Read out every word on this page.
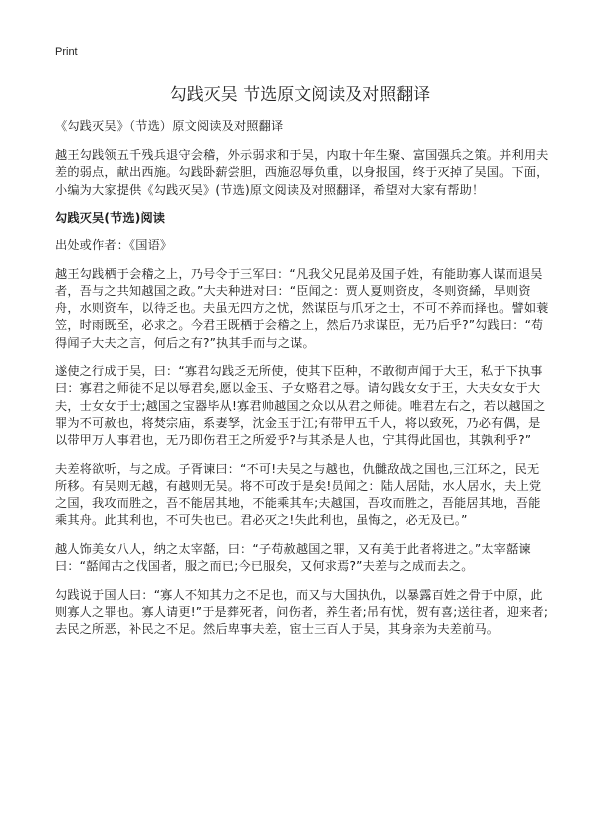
Print
勾践灭吴 节选原文阅读及对照翻译

《勾践灭吴》（节选）原文阅读及对照翻译

越王勾践领五千残兵退守会稽，外示弱求和于吴，内取十年生聚、富国强兵之策。并利用夫差的弱点，献出西施。勾践卧薪尝胆，西施忍辱负重，以身报国，终于灭掉了吴国。下面，小编为大家提供《勾践灭吴》(节选)原文阅读及对照翻译，希望对大家有帮助！

勾践灭吴(节选)阅读

出处或作者：《国语》

越王勾践栖于会稽之上，乃号令于三军曰：“凡我父兄昆弟及国子姓，有能助寡人谋而退吴者，吾与之共知越国之政。”大夫种进对曰：“臣闻之：贾人夏则资皮，冬则资絺，旱则资舟，水则资车，以待乏也。夫虽无四方之忧，然谋臣与爪牙之士，不可不养而择也。譬如蓑笠，时雨既至，必求之。今君王既栖于会稽之上，然后乃求谋臣，无乃后乎?”勾践曰：“苟得闻子大夫之言，何后之有?”执其手而与之谋。

遂使之行成于吴，曰：“寡君勾践乏无所使，使其下臣种，不敢彻声闻于大王，私于下执事曰：寡君之师徒不足以辱君矣,愿以金玉、子女赂君之辱。请勾践女女于王，大夫女女于大夫，士女女于士;越国之宝器毕从!寡君帅越国之众以从君之师徒。唯君左右之，若以越国之罪为不可赦也，将焚宗庙，系妻孥，沈金玉于江;有带甲五千人，将以致死，乃必有偶，是以带甲万人事君也，无乃即伤君王之所爱乎?与其杀是人也，宁其得此国也，其孰利乎?”

夫差将欲听，与之成。子胥谏曰：“不可!夫吴之与越也，仇雠敌战之国也,三江环之，民无所移。有吴则无越，有越则无吴。将不可改于是矣!员闻之：陆人居陆，水人居水，夫上党之国，我攻而胜之，吾不能居其地，不能乘其车;夫越国，吾攻而胜之，吾能居其地，吾能乘其舟。此其利也，不可失也已。君必灭之!失此利也，虽悔之，必无及已。”

越人饰美女八人，纳之太宰嚭，曰：“子苟赦越国之罪，又有美于此者将进之。”太宰嚭谏曰：“嚭闻古之伐国者，服之而已;今已服矣，又何求焉?”夫差与之成而去之。

勾践说于国人曰：“寡人不知其力之不足也，而又与大国执仇，以暴露百姓之骨于中原，此则寡人之罪也。寡人请更!”于是葬死者，问伤者，养生者;吊有忧，贺有喜;送往者，迎来者;去民之所恶，补民之不足。然后卑事夫差，宦士三百人于吴，其身亲为夫差前马。
